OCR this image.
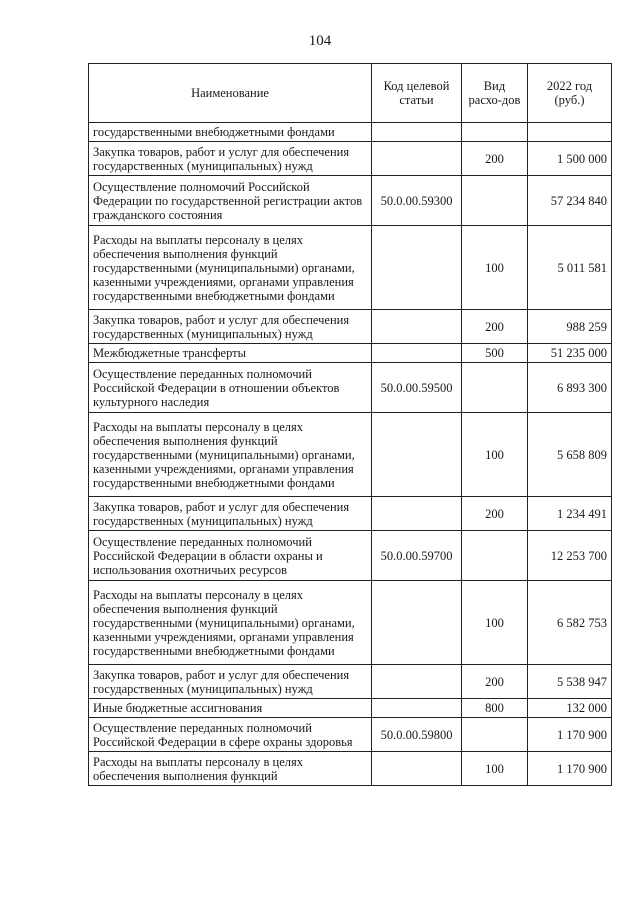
104
Наименование	Код целевой статьи	Вид расхо-дов	2022 год (руб.)
государственными внебюджетными фондами			
Закупка товаров, работ и услуг для обеспечения государственных (муниципальных) нужд		200	1 500 000
Осуществление полномочий Российской Федерации по государственной регистрации актов гражданского состояния	50.0.00.59300		57 234 840
Расходы на выплаты персоналу в целях обеспечения выполнения функций государственными (муниципальными) органами, казенными учреждениями, органами управления государственными внебюджетными фондами		100	5 011 581
Закупка товаров, работ и услуг для обеспечения государственных (муниципальных) нужд		200	988 259
Межбюджетные трансферты		500	51 235 000
Осуществление переданных полномочий Российской Федерации в отношении объектов культурного наследия	50.0.00.59500		6 893 300
Расходы на выплаты персоналу в целях обеспечения выполнения функций государственными (муниципальными) органами, казенными учреждениями, органами управления государственными внебюджетными фондами		100	5 658 809
Закупка товаров, работ и услуг для обеспечения государственных (муниципальных) нужд		200	1 234 491
Осуществление переданных полномочий Российской Федерации в области охраны и использования охотничьих ресурсов	50.0.00.59700		12 253 700
Расходы на выплаты персоналу в целях обеспечения выполнения функций государственными (муниципальными) органами, казенными учреждениями, органами управления государственными внебюджетными фондами		100	6 582 753
Закупка товаров, работ и услуг для обеспечения государственных (муниципальных) нужд		200	5 538 947
Иные бюджетные ассигнования		800	132 000
Осуществление переданных полномочий Российской Федерации в сфере охраны здоровья	50.0.00.59800		1 170 900
Расходы на выплаты персоналу в целях обеспечения выполнения функций		100	1 170 900
